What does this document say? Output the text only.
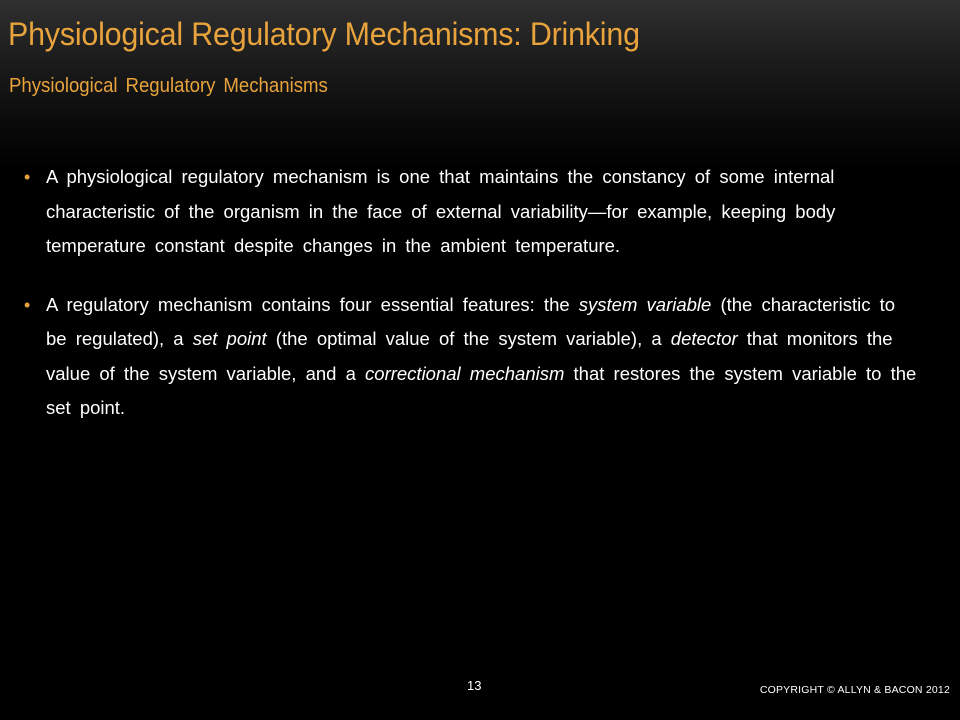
Physiological Regulatory Mechanisms: Drinking
Physiological Regulatory Mechanisms

• A physiological regulatory mechanism is one that maintains the constancy of some internal characteristic of the organism in the face of external variability—for example, keeping body temperature constant despite changes in the ambient temperature.

• A regulatory mechanism contains four essential features: the system variable (the characteristic to be regulated), a set point (the optimal value of the system variable), a detector that monitors the value of the system variable, and a correctional mechanism that restores the system variable to the set point.

13	COPYRIGHT © ALLYN & BACON 2012
